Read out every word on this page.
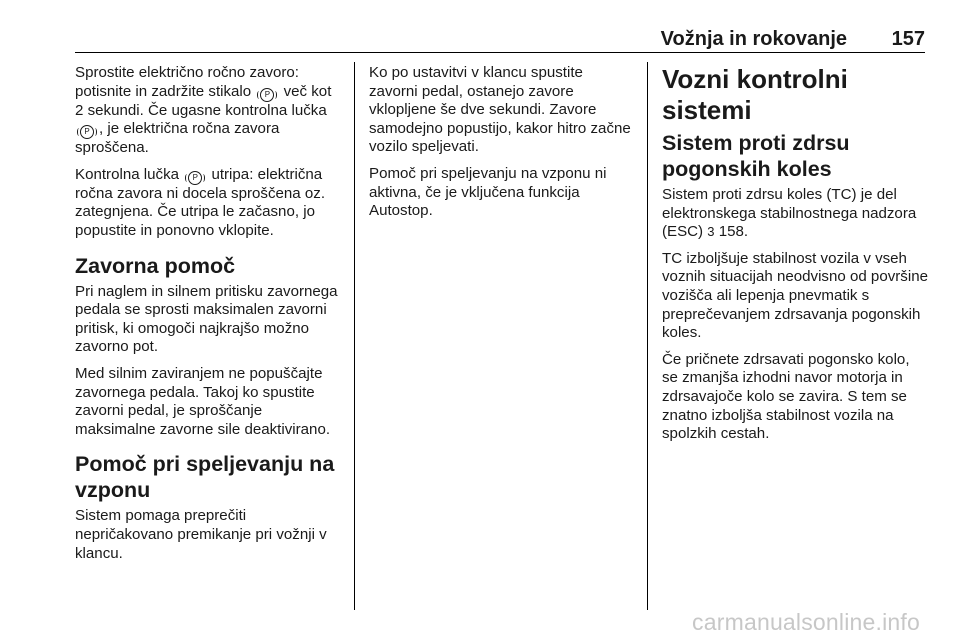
Vožnja in rokovanje 157

Sprostite električno ročno zavoro: potisnite in zadržite stikalo P več kot 2 sekundi. Če ugasne kontrolna lučka P , je električna ročna zavora sproščena.

Kontrolna lučka P utripa: električna ročna zavora ni docela sproščena oz. zategnjena. Če utripa le začasno, jo popustite in ponovno vklopite.

Zavorna pomoč

Pri naglem in silnem pritisku zavornega pedala se sprosti maksimalen zavorni pritisk, ki omogoči najkrajšo možno zavorno pot.

Med silnim zaviranjem ne popuščajte zavornega pedala. Takoj ko spustite zavorni pedal, je sproščanje maksimalne zavorne sile deaktivirano.

Pomoč pri speljevanju na vzponu

Sistem pomaga preprečiti nepričakovano premikanje pri vožnji v klancu.

Ko po ustavitvi v klancu spustite zavorni pedal, ostanejo zavore vklopljene še dve sekundi. Zavore samodejno popustijo, kakor hitro začne vozilo speljevati.

Pomoč pri speljevanju na vzponu ni aktivna, če je vključena funkcija Autostop.

Vozni kontrolni sistemi
Sistem proti zdrsu pogonskih koles

Sistem proti zdrsu koles (TC) je del elektronskega stabilnostnega nadzora (ESC) 3 158.

TC izboljšuje stabilnost vozila v vseh voznih situacijah neodvisno od površine vozišča ali lepenja pnevmatik s preprečevanjem zdrsavanja pogonskih koles.

Če pričnete zdrsavati pogonsko kolo, se zmanjša izhodni navor motorja in zdrsavajoče kolo se zavira. S tem se znatno izboljša stabilnost vozila na spolzkih cestah.

carmanualsonline.info
